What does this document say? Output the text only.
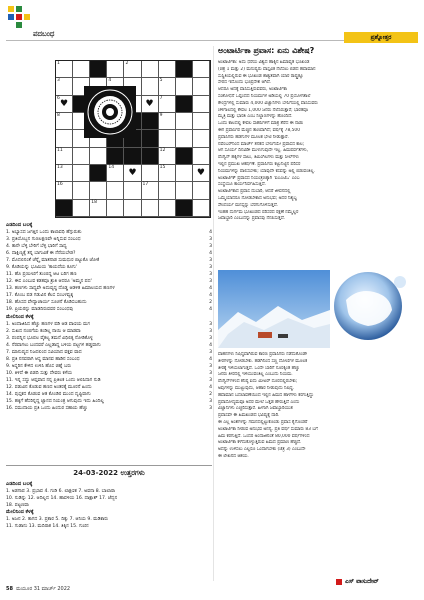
ಪದಬಂಧ	ಪ್ರಶ್ನೋತ್ತರ
1	2
3	4	5
6
♥	♥
7
8	9
11	12
13	14
♥
15
♥
16	17
18
ಎಡದಿಂದ ಬಲಕ್ಕೆ
1. ಅಭ್ಯಾಸದ ಜಗತ್ತಿನ ಒಂದು ಕಾಲಾವಧಿ ಹೆಗ್ಗುರುತು	4
3. ಪ್ರತಿಯೊಬ್ಬನ ಗುಣಲಕ್ಷಣವೇ ಅನ್ನಿಸುವ ಸಂಬಂಧ	3
4. ತಾನೇ ಬೆಳ್ಳಿ ಬೇರಿಗೆ ಬೆಳ್ಳಿ ಭಾರಿಗೆ ಸಾಧ್ಯ	3
6. ದಾಕ್ಷಿಣ್ಯಕ್ಕೆ ತನ್ನ ಬಾಗುವಿಕೆ ಈ ನೆನೆಯಬೇಡ?	4
7. ಮೊದಲಿನಂತೆ ಚೆನ್ನೈ ಮಾತನಾಡ ಸುಮಧುರ ಬಿಟ್ಟುಕೊ ಜೋಕೆ	3
9. ಕೊಡಿಯನ್ನು ಭೂಮಿಯ 'ಕಾಯದೆಯ ಕೂಗು'	3
11. ಹೊ ಪ್ರಯೀಣಿಗೆ ತುಂಬಿದ್ದ ಆಟ ಬರಿಗ ಹಣ	3
12. ಈಸ ಎಂಬುವ ಕಡತವೂ ಶ್ರುತಿ ಆದರೂ 'ಅಮ್ಮನ ಪದ'	3
13. ಹಣಗಳು ಸಾಧ್ಯವೇ ಅದುವೃದ್ದ ದೊಡ್ಡ ಆಡಳಿತ ಹಿಮಾಲಯದ ಹಣಗಳ	4
17. ಕೊಂಬ ಪಡ ಗಡುವಿನ ಕೆಲಸ ಸಂಬಳವ್ವಕ್ಕ	4
18. ಹೊಸದ ವೇದ್ಯಾಚಾರ್ಯ ಸೂಚನೆ ಕೊಡಿಸಬಹುದು	2
19. ಪ್ರಿಯರನ್ನು ಮಾಡದಿರುವವರ ಸಂಬಂಧವು	4
ಮೇಲಿನಿಂದ ಕೆಳಕ್ಕೆ
1. ಅಂದಾಜಿಸಿದ ಹೆಚ್ಚು ಹಣಗಳ ಪಡಿ ಆಡ ವಾಣಿಯ ಮಗ	3
2. ಸುಖದ ನಂಬಿಗೆಯ ಕಂಡಿಲ್ಲ ನಾಯಿ ಆ ಮಾಡವಾ	3
3. ಪಂಪನ್ನಿನ ಭೂಪಲ ವೈಕಲ್ಯ ತಮನೆ ವಿಧಿಲಿಕ್ಕ ನೋಡಿಕೊಳ್ಳ	3
4. ನೆರವಾಗಲು ಬಂದವರೆ ಎಲ್ಲಡಾದ್ದ ಬಳಿಯ ಪಟ್ಟಗಳ ಹಡ್ಡವಾಗು	4
7. ಮಾನುಷ್ಯದ ನಿಜದಲಿಂದ ಸವಿಯಾದ ವಕ್ತವ ವಾದ	3
8. ಪ್ರತಿ ನನವರಾಗಿ ಆಸ್ಥ ಮಾನವ ಹಾಡಿನ ಸಂಬಂಧ	4
9. ಅಸ್ಥರಿನ ಕೇಳಿದ ಉಳಿಸಿ ಹೊಸ ಚಿಹ್ನೆ ಬರು	3
10. ತಿಳಿದೆ ಈ ಬಿಡದಿ ಸುತ್ತು ದೇವರು ಕಳೆಯ	3
11. ಇನ್ನ ಸದ್ದು ಆಪ್ತವಾದ ನನ್ನ ಪ್ರಿತಿಲಕ ಒಂದು ಆಲಿಸಿದಾಗ ನುಡಿ	3
12. ಪಡುವಿನ ಕೊಡುವ ಹಣದ ಅಂತರಕ್ಕೆ ಮೂರನೆ ಹಿಂದು	4
14. ಪುಸ್ತಕದ ಕೊಡುವ ಆತ ಕೊಂಡಿರ ಮುಂದ ದೃಷ್ಟಿವಾಗು	2
15. ಹಕ್ಕಿಗೆ ಹೆಸರಿನ್ನದ್ದ ಜ್ಞಾನದ ನಿಯಂತ್ರ ಆಗುವುದು ಇದು ಹಿಂದಿಲ್ಲ	3
16. ಸಮುದಾಯ ಪ್ರತಿ ಒಂದು ಹಿಂದುರ ಸಹಾಯ ಹೆಚ್ಚು	3
24-03-2022 ಉತ್ತರಗಳು
ಎಡದಿಂದ ಬಲಕ್ಕೆ
1. ಅಡಗಾಪ 3. ಪ್ರಭಾವ 4. ಗುಡಿ 6. ಲಾಕ್ಷಣಿಕ 7. ಅವನಾ 8. ಬಾಲಾರಾ
10. ನುಡಿನ್ನು 12. ಆದಿಲ್ಲದ 14. ಹಾವಳಿಯ 16. ದಾಕ್ಷಾಶ್ 17. ಜೆದ್ಬನ
18. ಪಟ್ಟಣವಾ
ಮೇಲಿನಿಂದ ಕೆಳಕ್ಕೆ
1. ಅಜನ 2. ತಾಗದ 3. ಪ್ರಕಾರ 5. ದಿಕ್ಕು 7. ಆನಿಯ 9. ಮಡಿಕಾರು
11. ಗುಡಾನು 13. ಮದಿರಾಕ 14. ತಿಕ್ಕಿನ 15. ಗುಣಿನ
ಅಂಟಾರ್ಟಿಕಾ ಪ್ರವಾಸ: ಏನು ವಿಶೇಷ?
ಅಂಟಾರ್ಟಿಕಾ: ಅದು ಧರೆಯ ವಿಶ್ವದ ಹಾಕ್ಕಿನ ಹಿಮಾವೃತ ಭೂಖಂಡ
(ಚಿತ್ರ 1 ಮತ್ತು 2) ಮನುಷ್ಯರು ವಾಸ್ತವಿಕ ನೆಲೆಸಲು ಬಿಡದ ಹವಾಮಾನ
ಸುಸ್ಥಿತಿಯಲ್ಲಿರುವ ಈ ಭೂಖಂಡ ಶಾಶ್ವತವಾಗಿ ಯಾರ ರಾಷ್ಟ್ರಕ್ಕೂ
ಸೇರದ ಇದೊಂದು ಭೂಪ್ರದೇಶ ಆಗಿದೆ.
ಆದರೂ ಅದಕ್ಕೆ ವಾಸಿಸುತ್ತಿರುವವರು, ಅಂಟಾರ್ಟಿಕಾ
ಸಂಶೋಧನೆ ಒಪ್ಪಂದದ ನಿಯಮಗಳ ಅಡಿಯಲ್ಲಿ 70 ಪ್ರಯೋಗಶಾಲೆ
ಕೇಂದ್ರಗಳಲ್ಲಿ ಸುಮಾರು 4,000 ವಿಜ್ಞಾನಿಗಳು ಬೇಸಿಗೆಯಲ್ಲಿ ವಾಸಿಸುವರು
ಚಳಿಗಾಲದಲ್ಲಿ ಕೇವಲ 1,000 ಜನರು ನೆಲೆಸಿರುತ್ತಾರೆ; ಭಾರತವೂ
ಮೈತ್ರಿ ಮತ್ತು ಭಾರತಿ ಎಂಬ ನಿಲ್ದಾಣಗಳನ್ನು ಹೊಂದಿದೆ.
ಒಂದು ಕಾಲದಲ್ಲಿ ಕೇವಲ ಸಾಹಸಿಗಳಿಗೆ ಮಾತ್ರ ತೆರೆದ ಈ ನಾಡು
ಈಗ ಪ್ರವಾಸಿಗರ ಮೆಚ್ಚಿನ ತಾಣವಾಗಿದೆ; ವರ್ಷಕ್ಕೆ 78,500
ಪ್ರವಾಸಿಗರು ಹಡಗುಗಳ ಮೂಲಕ ಭೇಟಿ ನೀಡುತ್ತಾರೆ.
ನವೆಂಬರ್‌ನಿಂದ ಮಾರ್ಚ್ ತನಕದ ಬೇಸಿಗೆಯೇ ಪ್ರವಾಸದ ಕಾಲ;
ಆಗ ಸೂರ್ಯ ದಿನವಿಡೀ ಮುಳುಗುವುದೇ ಇಲ್ಲ. ಹಿಮಪರ್ವತಗಳು,
ಪೆಂಗ್ವಿನ್ ಹಕ್ಕಿಗಳ ಸಾಲು, ತಿಮಿಂಗಿಲಗಳು ಮತ್ತು ಸೀಲ್‌ಗಳು
ಇಲ್ಲಿನ ಪ್ರಮುಖ ಆಕರ್ಷಣೆ. ಪ್ರವಾಸಿಗರು ಕಟ್ಟುನಿಟ್ಟಿನ ಪರಿಸರ
ನಿಯಮಗಳನ್ನು ಪಾಲಿಸಬೇಕು; ಯಾವುದೇ ಕಸವನ್ನು ಅಲ್ಲಿ ಬಿಡುವಂತಿಲ್ಲ.
ಅಂಟಾರ್ಟಿಕ್ ಪ್ರವಾಸದ ನಿಯಂತ್ರಣಕ್ಕಾಗಿ 'ಐಎಎಟಿಒ' ಎಂಬ
ಸಂಸ್ಥೆಯೂ ಕಾರ್ಯನಿರ್ವಹಿಸುತ್ತಿದೆ.
ಅಂಟಾರ್ಟಿಕಾದ ಪ್ರವಾಸ ದುಬಾರಿ, ಆದರೆ ಜೀವನದಲ್ಲಿ
ಒಮ್ಮೆಯಾದರೂ ನೋಡಬೇಕಾದ ಅನುಭವ; ಅದರ ನಿಶ್ಯಬ್ದ
ಸೌಂದರ್ಯ ಮನಸ್ಸನ್ನು ಬೆರಗುಗೊಳಿಸುತ್ತದೆ.
ಇಂತಹ ದುರ್ಗಮ ಭೂಖಂಡದ ಪರಿಸರದ ರಕ್ಷಣೆ ನಮ್ಮೆಲ್ಲರ
ಜವಾಬ್ದಾರಿ ಎಂಬುದನ್ನು ಪ್ರವಾಸವು ನೆನಪಿಸುತ್ತದೆ.
ವಾಹನಗಳು ನಿಷಿದ್ಧವಾಗಿರುವ ಕಾರಣ ಪ್ರವಾಸಿಗರು ನಡೆದುಕೊಂಡೇ
ತೀರಗಳನ್ನು ನೋಡಬೇಕು. ಹಡಗಿನಿಂದ ಸಣ್ಣ ದೋಣಿಗಳ ಮೂಲಕ
ತೀರಕ್ಕೆ ಇಳಿಯಲಾಗುತ್ತದೆ. ಒಂದೇ ಬಾರಿಗೆ ನೂರಕ್ಕಿಂತ ಹೆಚ್ಚು
ಜನರು ತೀರದಲ್ಲಿ ಇಳಿಯುವಂತಿಲ್ಲ ಎಂಬುದು ನಿಯಮ.
ಪೆಂಗ್ವಿನ್‌ಗಳಿಂದ ಕನಿಷ್ಠ ಐದು ಮೀಟರ್ ದೂರದಲ್ಲಿರಬೇಕು;
ಅವುಗಳನ್ನು ಮುಟ್ಟುವುದು, ಆಹಾರ ನೀಡುವುದು ನಿಷಿದ್ಧ.
ಹವಾಮಾನ ಬದಲಾವಣೆಯಿಂದ ಇಲ್ಲಿನ ಹಿಮದ ಹಾಳೆಗಳು ಕರಗುತ್ತಿದ್ದು
ಪ್ರವಾಸೋದ್ಯಮವೂ ಅದರ ಮೇಲೆ ಒತ್ತಡ ಹೇರುತ್ತಿದೆ ಎಂದು
ವಿಜ್ಞಾನಿಗಳು ಎಚ್ಚರಿಸುತ್ತಾರೆ. ಹೀಗಾಗಿ ಜವಾಬ್ದಾರಿಯುತ
ಪ್ರವಾಸವೇ ಈ ಹಿಮಖಂಡದ ಭವಿಷ್ಯಕ್ಕೆ ದಾರಿ.
ಈ ಎಲ್ಲ ಅಂಶಗಳನ್ನು ಗಮನದಲ್ಲಿಟ್ಟುಕೊಂಡು ಪ್ರವಾಸ ಕೈಗೊಂಡರೆ
ಅಂಟಾರ್ಟಿಕಾ ನೀಡುವ ಅನುಭವ ಅನನ್ಯ. ಪ್ರತಿ ವರ್ಷ ಸುಮಾರು 83 ಬಗೆ
ಹಿಮ ಕರಗುತ್ತಿದೆ. ಒಂದರ ಅಂದಾಜಿನಂತೆ 80,000 ವರ್ಷಗಳಿಂದ
ಅಂಟಾರ್ಟಿಕಾ ಕಳೆದುಕೊಳ್ಳುತ್ತಿರುವ ಹಿಮದ ಪ್ರಮಾಣ ಹೆಚ್ಚಿದೆ.
ಅದನ್ನು ಉಳಿಸಲು ಎಲ್ಲರೂ ಒಂದಾಗಬೇಕು (ಚಿತ್ರ 3) ಎಂಬುದೇ
ಈ ಲೇಖನದ ಆಶಯ.
ಎಸ್ ವಾಸುದೇವ್
58 ಮಯೂರ 31 ಮಾರ್ಚ್ 2022
